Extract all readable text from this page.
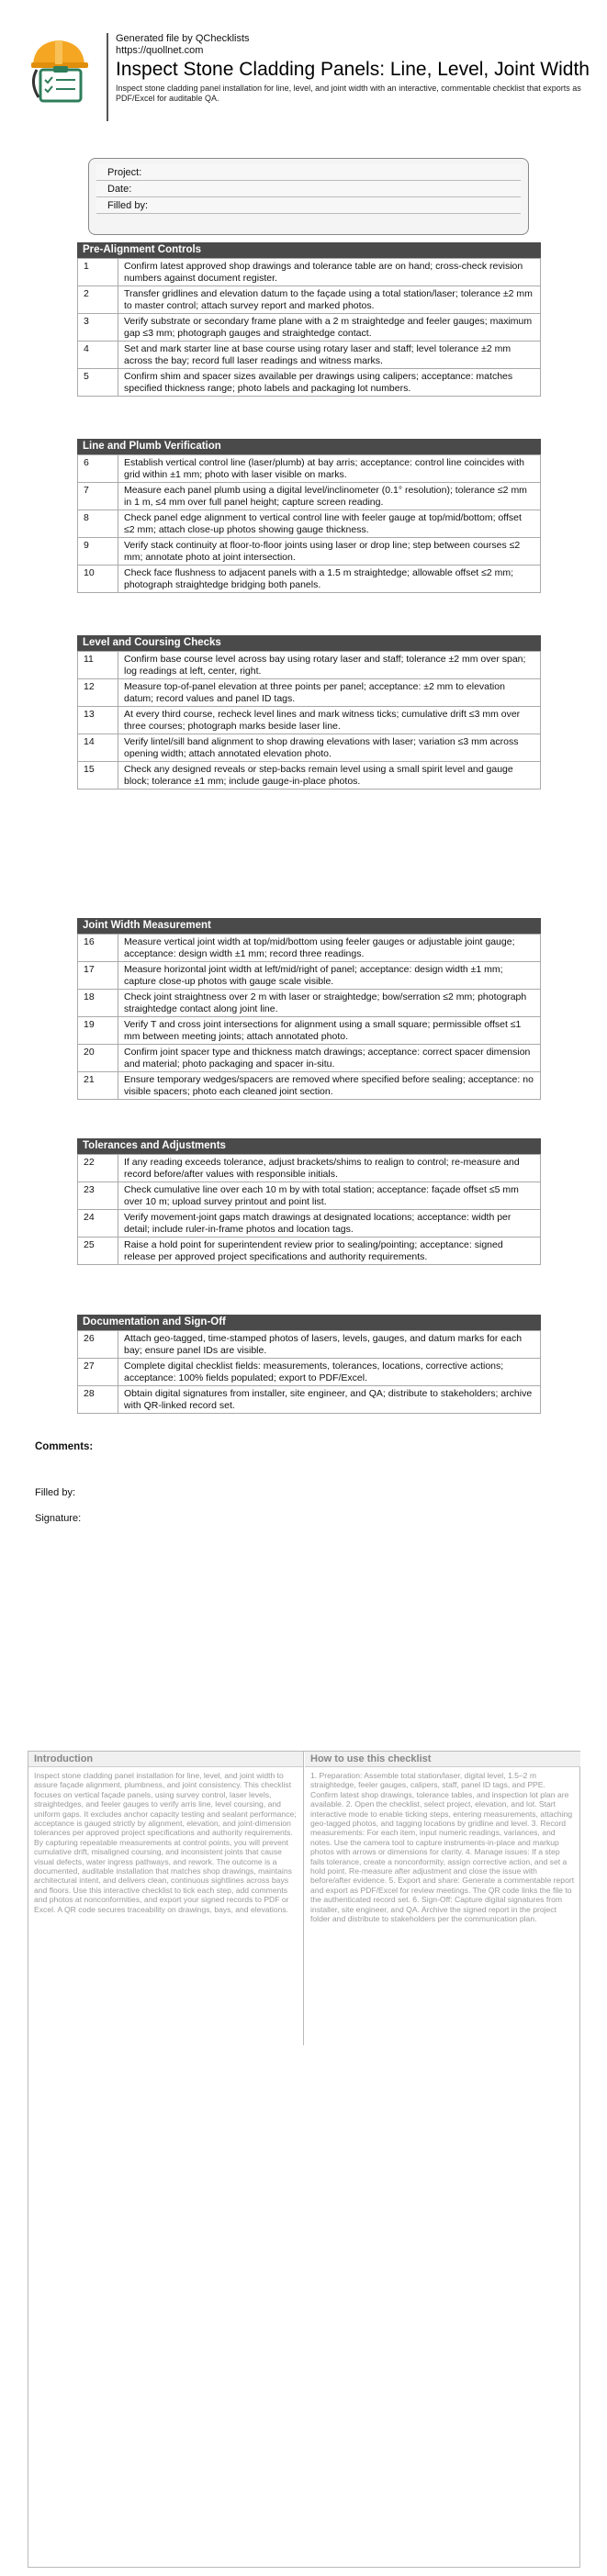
Generated file by QChecklists
https://quollnet.com
Inspect Stone Cladding Panels: Line, Level, Joint Width
Inspect stone cladding panel installation for line, level, and joint width with an interactive, commentable checklist that exports as PDF/Excel for auditable QA.
Project:
Date:
Filled by:
Pre-Alignment Controls
1	Confirm latest approved shop drawings and tolerance table are on hand; cross-check revision numbers against document register.
2	Transfer gridlines and elevation datum to the façade using a total station/laser; tolerance ±2 mm to master control; attach survey report and marked photos.
3	Verify substrate or secondary frame plane with a 2 m straightedge and feeler gauges; maximum gap ≤3 mm; photograph gauges and straightedge contact.
4	Set and mark starter line at base course using rotary laser and staff; level tolerance ±2 mm across the bay; record full laser readings and witness marks.
5	Confirm shim and spacer sizes available per drawings using calipers; acceptance: matches specified thickness range; photo labels and packaging lot numbers.
Line and Plumb Verification
6	Establish vertical control line (laser/plumb) at bay arris; acceptance: control line coincides with grid within ±1 mm; photo with laser visible on marks.
7	Measure each panel plumb using a digital level/inclinometer (0.1° resolution); tolerance ≤2 mm in 1 m, ≤4 mm over full panel height; capture screen reading.
8	Check panel edge alignment to vertical control line with feeler gauge at top/mid/bottom; offset ≤2 mm; attach close-up photos showing gauge thickness.
9	Verify stack continuity at floor-to-floor joints using laser or drop line; step between courses ≤2 mm; annotate photo at joint intersection.
10	Check face flushness to adjacent panels with a 1.5 m straightedge; allowable offset ≤2 mm; photograph straightedge bridging both panels.
Level and Coursing Checks
11	Confirm base course level across bay using rotary laser and staff; tolerance ±2 mm over span; log readings at left, center, right.
12	Measure top-of-panel elevation at three points per panel; acceptance: ±2 mm to elevation datum; record values and panel ID tags.
13	At every third course, recheck level lines and mark witness ticks; cumulative drift ≤3 mm over three courses; photograph marks beside laser line.
14	Verify lintel/sill band alignment to shop drawing elevations with laser; variation ≤3 mm across opening width; attach annotated elevation photo.
15	Check any designed reveals or step-backs remain level using a small spirit level and gauge block; tolerance ±1 mm; include gauge-in-place photos.
Joint Width Measurement
16	Measure vertical joint width at top/mid/bottom using feeler gauges or adjustable joint gauge; acceptance: design width ±1 mm; record three readings.
17	Measure horizontal joint width at left/mid/right of panel; acceptance: design width ±1 mm; capture close-up photos with gauge scale visible.
18	Check joint straightness over 2 m with laser or straightedge; bow/serration ≤2 mm; photograph straightedge contact along joint line.
19	Verify T and cross joint intersections for alignment using a small square; permissible offset ≤1 mm between meeting joints; attach annotated photo.
20	Confirm joint spacer type and thickness match drawings; acceptance: correct spacer dimension and material; photo packaging and spacer in-situ.
21	Ensure temporary wedges/spacers are removed where specified before sealing; acceptance: no visible spacers; photo each cleaned joint section.
Tolerances and Adjustments
22	If any reading exceeds tolerance, adjust brackets/shims to realign to control; re-measure and record before/after values with responsible initials.
23	Check cumulative line over each 10 m by with total station; acceptance: façade offset ≤5 mm over 10 m; upload survey printout and point list.
24	Verify movement-joint gaps match drawings at designated locations; acceptance: width per detail; include ruler-in-frame photos and location tags.
25	Raise a hold point for superintendent review prior to sealing/pointing; acceptance: signed release per approved project specifications and authority requirements.
Documentation and Sign-Off
26	Attach geo-tagged, time-stamped photos of lasers, levels, gauges, and datum marks for each bay; ensure panel IDs are visible.
27	Complete digital checklist fields: measurements, tolerances, locations, corrective actions; acceptance: 100% fields populated; export to PDF/Excel.
28	Obtain digital signatures from installer, site engineer, and QA; distribute to stakeholders; archive with QR-linked record set.
Comments:
Filled by:
Signature:
Introduction
Inspect stone cladding panel installation for line, level, and joint width to assure façade alignment, plumbness, and joint consistency. This checklist focuses on vertical façade panels, using survey control, laser levels, straightedges, and feeler gauges to verify arris line, level coursing, and uniform gaps. It excludes anchor capacity testing and sealant performance; acceptance is gauged strictly by alignment, elevation, and joint-dimension tolerances per approved project specifications and authority requirements. By capturing repeatable measurements at control points, you will prevent cumulative drift, misaligned coursing, and inconsistent joints that cause visual defects, water ingress pathways, and rework. The outcome is a documented, auditable installation that matches shop drawings, maintains architectural intent, and delivers clean, continuous sightlines across bays and floors. Use this interactive checklist to tick each step, add comments and photos at nonconformities, and export your signed records to PDF or Excel. A QR code secures traceability on drawings, bays, and elevations.
How to use this checklist
1. Preparation: Assemble total station/laser, digital level, 1.5–2 m straightedge, feeler gauges, calipers, staff, panel ID tags, and PPE. Confirm latest shop drawings, tolerance tables, and inspection lot plan are available. 2. Open the checklist, select project, elevation, and lot. Start interactive mode to enable ticking steps, entering measurements, attaching geo-tagged photos, and tagging locations by gridline and level. 3. Record measurements: For each item, input numeric readings, variances, and notes. Use the camera tool to capture instruments-in-place and markup photos with arrows or dimensions for clarity. 4. Manage issues: If a step fails tolerance, create a nonconformity, assign corrective action, and set a hold point. Re-measure after adjustment and close the issue with before/after evidence. 5. Export and share: Generate a commentable report and export as PDF/Excel for review meetings. The QR code links the file to the authenticated record set. 6. Sign-Off: Capture digital signatures from installer, site engineer, and QA. Archive the signed report in the project folder and distribute to stakeholders per the communication plan.
